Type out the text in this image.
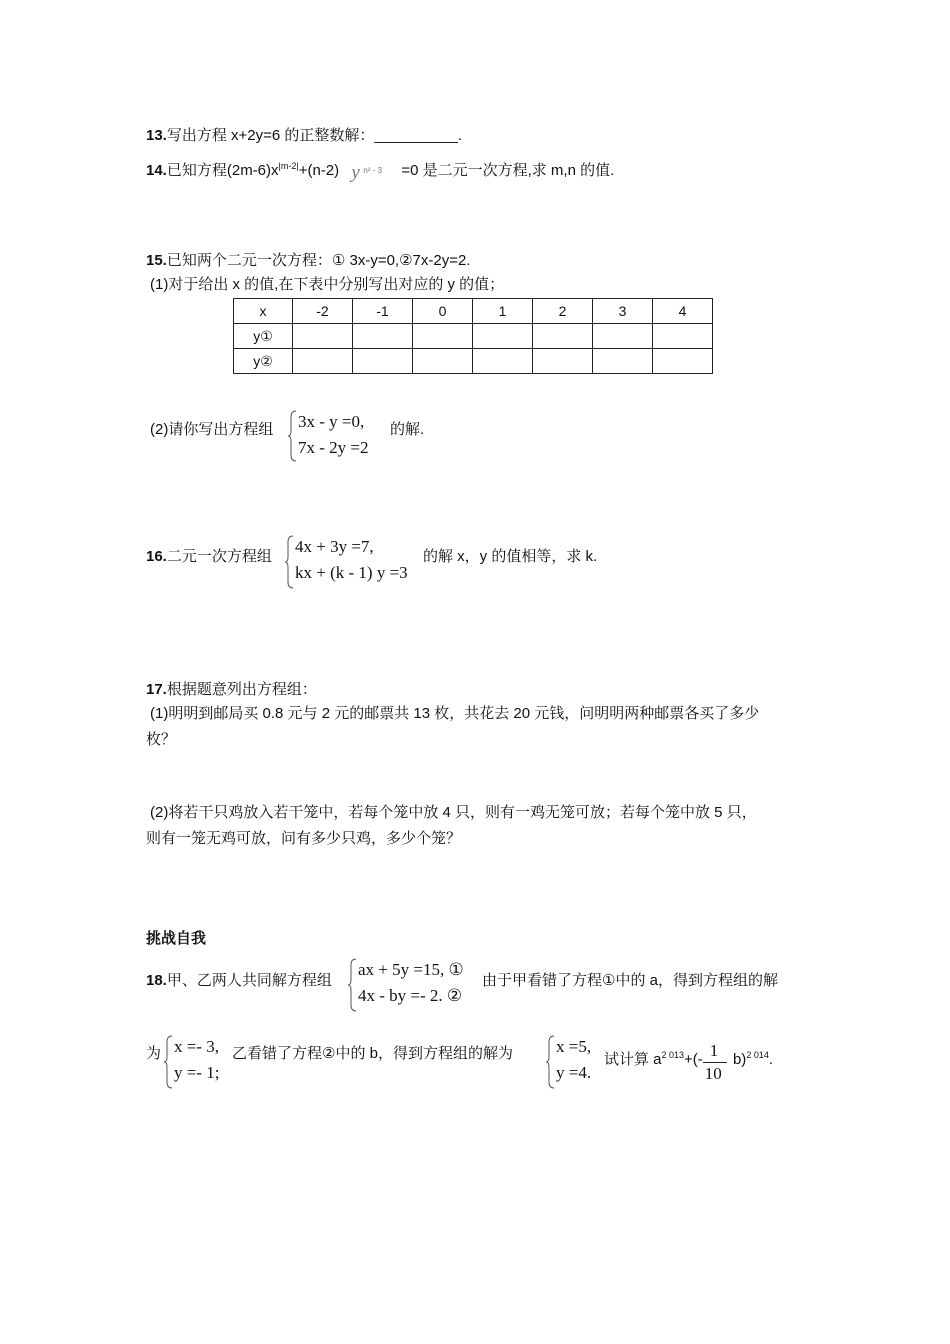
13.写出方程 x+2y=6 的正整数解：__________.
14.已知方程$(2m-6)x^{|m-2|}+(n-2)$ y n² - 3 =0 是二元一次方程,求 m,n 的值.
15.已知两个二元一次方程：① 3x-y=0,②7x-2y=2.
(1)对于给出 x 的值,在下表中分别写出对应的 y 的值；
x	-2	-1	0	1	2	3	4
y①							
y②							
(2)请你写出方程组 3x - y =0,
7x - 2y =2
的解.
16.二元一次方程组
4x + 3y =7,
kx + (k - 1) y =3
的解 x，y 的值相等，求 k.
17.根据题意列出方程组：
(1)明明到邮局买 0.8 元与 2 元的邮票共 13 枚，共花去 20 元钱，问明明两种邮票各买了多少
枚？
(2)将若干只鸡放入若干笼中，若每个笼中放 4 只，则有一鸡无笼可放；若每个笼中放 5 只，
则有一笼无鸡可放，问有多少只鸡，多少个笼？
挑战自我
18.甲、乙两人共同解方程组
ax + 5y =15, ①
4x - by =- 2. ②
由于甲看错了方程①中的 a，得到方程组的解
为 x =- 3,
y =- 1;
乙看错了方程②中的 b，得到方程组的解为	x =5,
y =4.
试计算 $a^{2 013}+(- \frac{1}{10} b)^{2 014}$.
